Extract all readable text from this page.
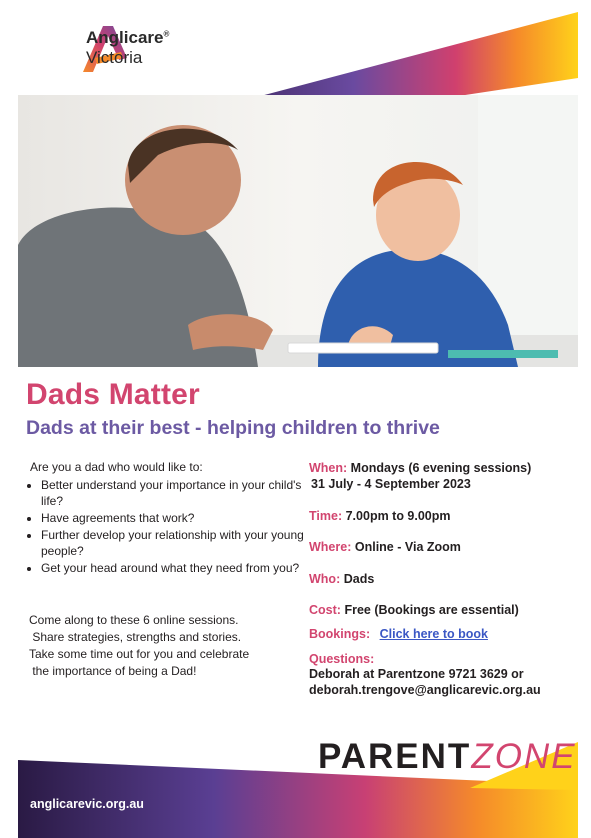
Anglicare®
Victoria
Dads Matter
Dads at their best - helping children to thrive
Are you a dad who would like to:
• Better understand your importance in your child's life?
• Have agreements that work?
• Further develop your relationship with your young people?
• Get your head around what they need from you?
Come along to these 6 online sessions.
Share strategies, strengths and stories.
Take some time out for you and celebrate
the importance of being a Dad!
When: Mondays (6 evening sessions)
31 July - 4 September 2023
Time: 7.00pm to 9.00pm
Where: Online - Via Zoom
Who: Dads
Cost: Free (Bookings are essential)
Bookings: Click here to book
Questions:
Deborah at Parentzone 9721 3629 or
deborah.trengove@anglicarevic.org.au
PARENTZONE
anglicarevic.org.au
